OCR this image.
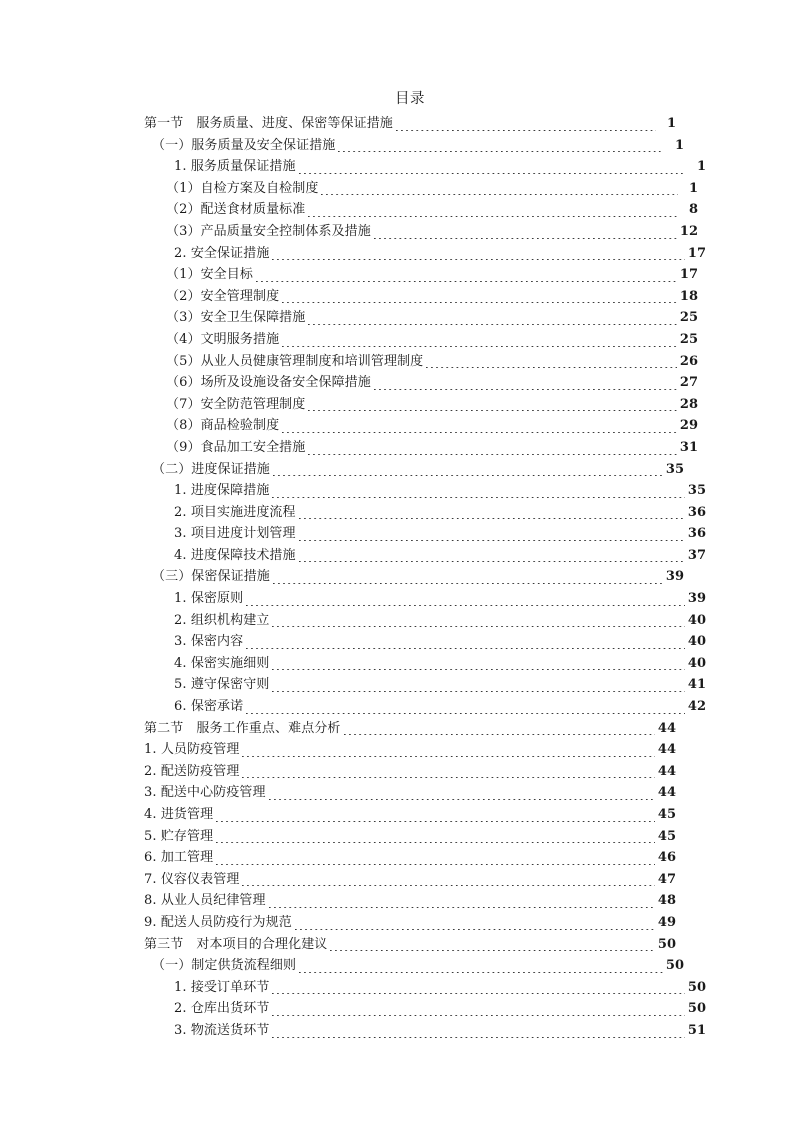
目录
第一节　服务质量、进度、保密等保证措施	1
（一）服务质量及安全保证措施	1
1. 服务质量保证措施	1
（1）自检方案及自检制度	1
（2）配送食材质量标准	8
（3）产品质量安全控制体系及措施	12
2. 安全保证措施	17
（1）安全目标	17
（2）安全管理制度	18
（3）安全卫生保障措施	25
（4）文明服务措施	25
（5）从业人员健康管理制度和培训管理制度	26
（6）场所及设施设备安全保障措施	27
（7）安全防范管理制度	28
（8）商品检验制度	29
（9）食品加工安全措施	31
（二）进度保证措施	35
1. 进度保障措施	35
2. 项目实施进度流程	36
3. 项目进度计划管理	36
4. 进度保障技术措施	37
（三）保密保证措施	39
1. 保密原则	39
2. 组织机构建立	40
3. 保密内容	40
4. 保密实施细则	40
5. 遵守保密守则	41
6. 保密承诺	42
第二节　服务工作重点、难点分析	44
1. 人员防疫管理	44
2. 配送防疫管理	44
3. 配送中心防疫管理	44
4. 进货管理	45
5. 贮存管理	45
6. 加工管理	46
7. 仪容仪表管理	47
8. 从业人员纪律管理	48
9. 配送人员防疫行为规范	49
第三节　对本项目的合理化建议	50
（一）制定供货流程细则	50
1. 接受订单环节	50
2. 仓库出货环节	50
3. 物流送货环节	51
